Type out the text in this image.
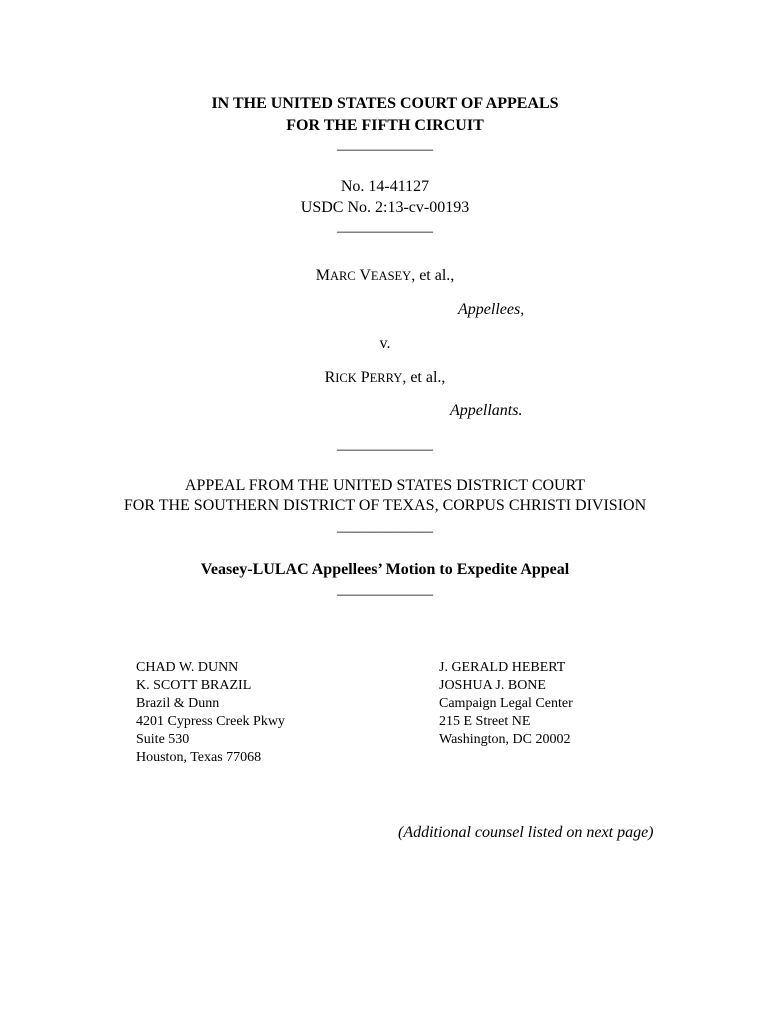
IN THE UNITED STATES COURT OF APPEALS
FOR THE FIFTH CIRCUIT
——————
No. 14-41127
USDC No. 2:13-cv-00193
——————
MARC VEASEY, et al.,
Appellees,
v.
RICK PERRY, et al.,
Appellants.
——————
APPEAL FROM THE UNITED STATES DISTRICT COURT
FOR THE SOUTHERN DISTRICT OF TEXAS, CORPUS CHRISTI DIVISION
——————
Veasey-LULAC Appellees’ Motion to Expedite Appeal
——————
CHAD W. DUNN
K. SCOTT BRAZIL
Brazil & Dunn
4201 Cypress Creek Pkwy
Suite 530
Houston, Texas 77068
J. GERALD HEBERT
JOSHUA J. BONE
Campaign Legal Center
215 E Street NE
Washington, DC 20002
(Additional counsel listed on next page)
